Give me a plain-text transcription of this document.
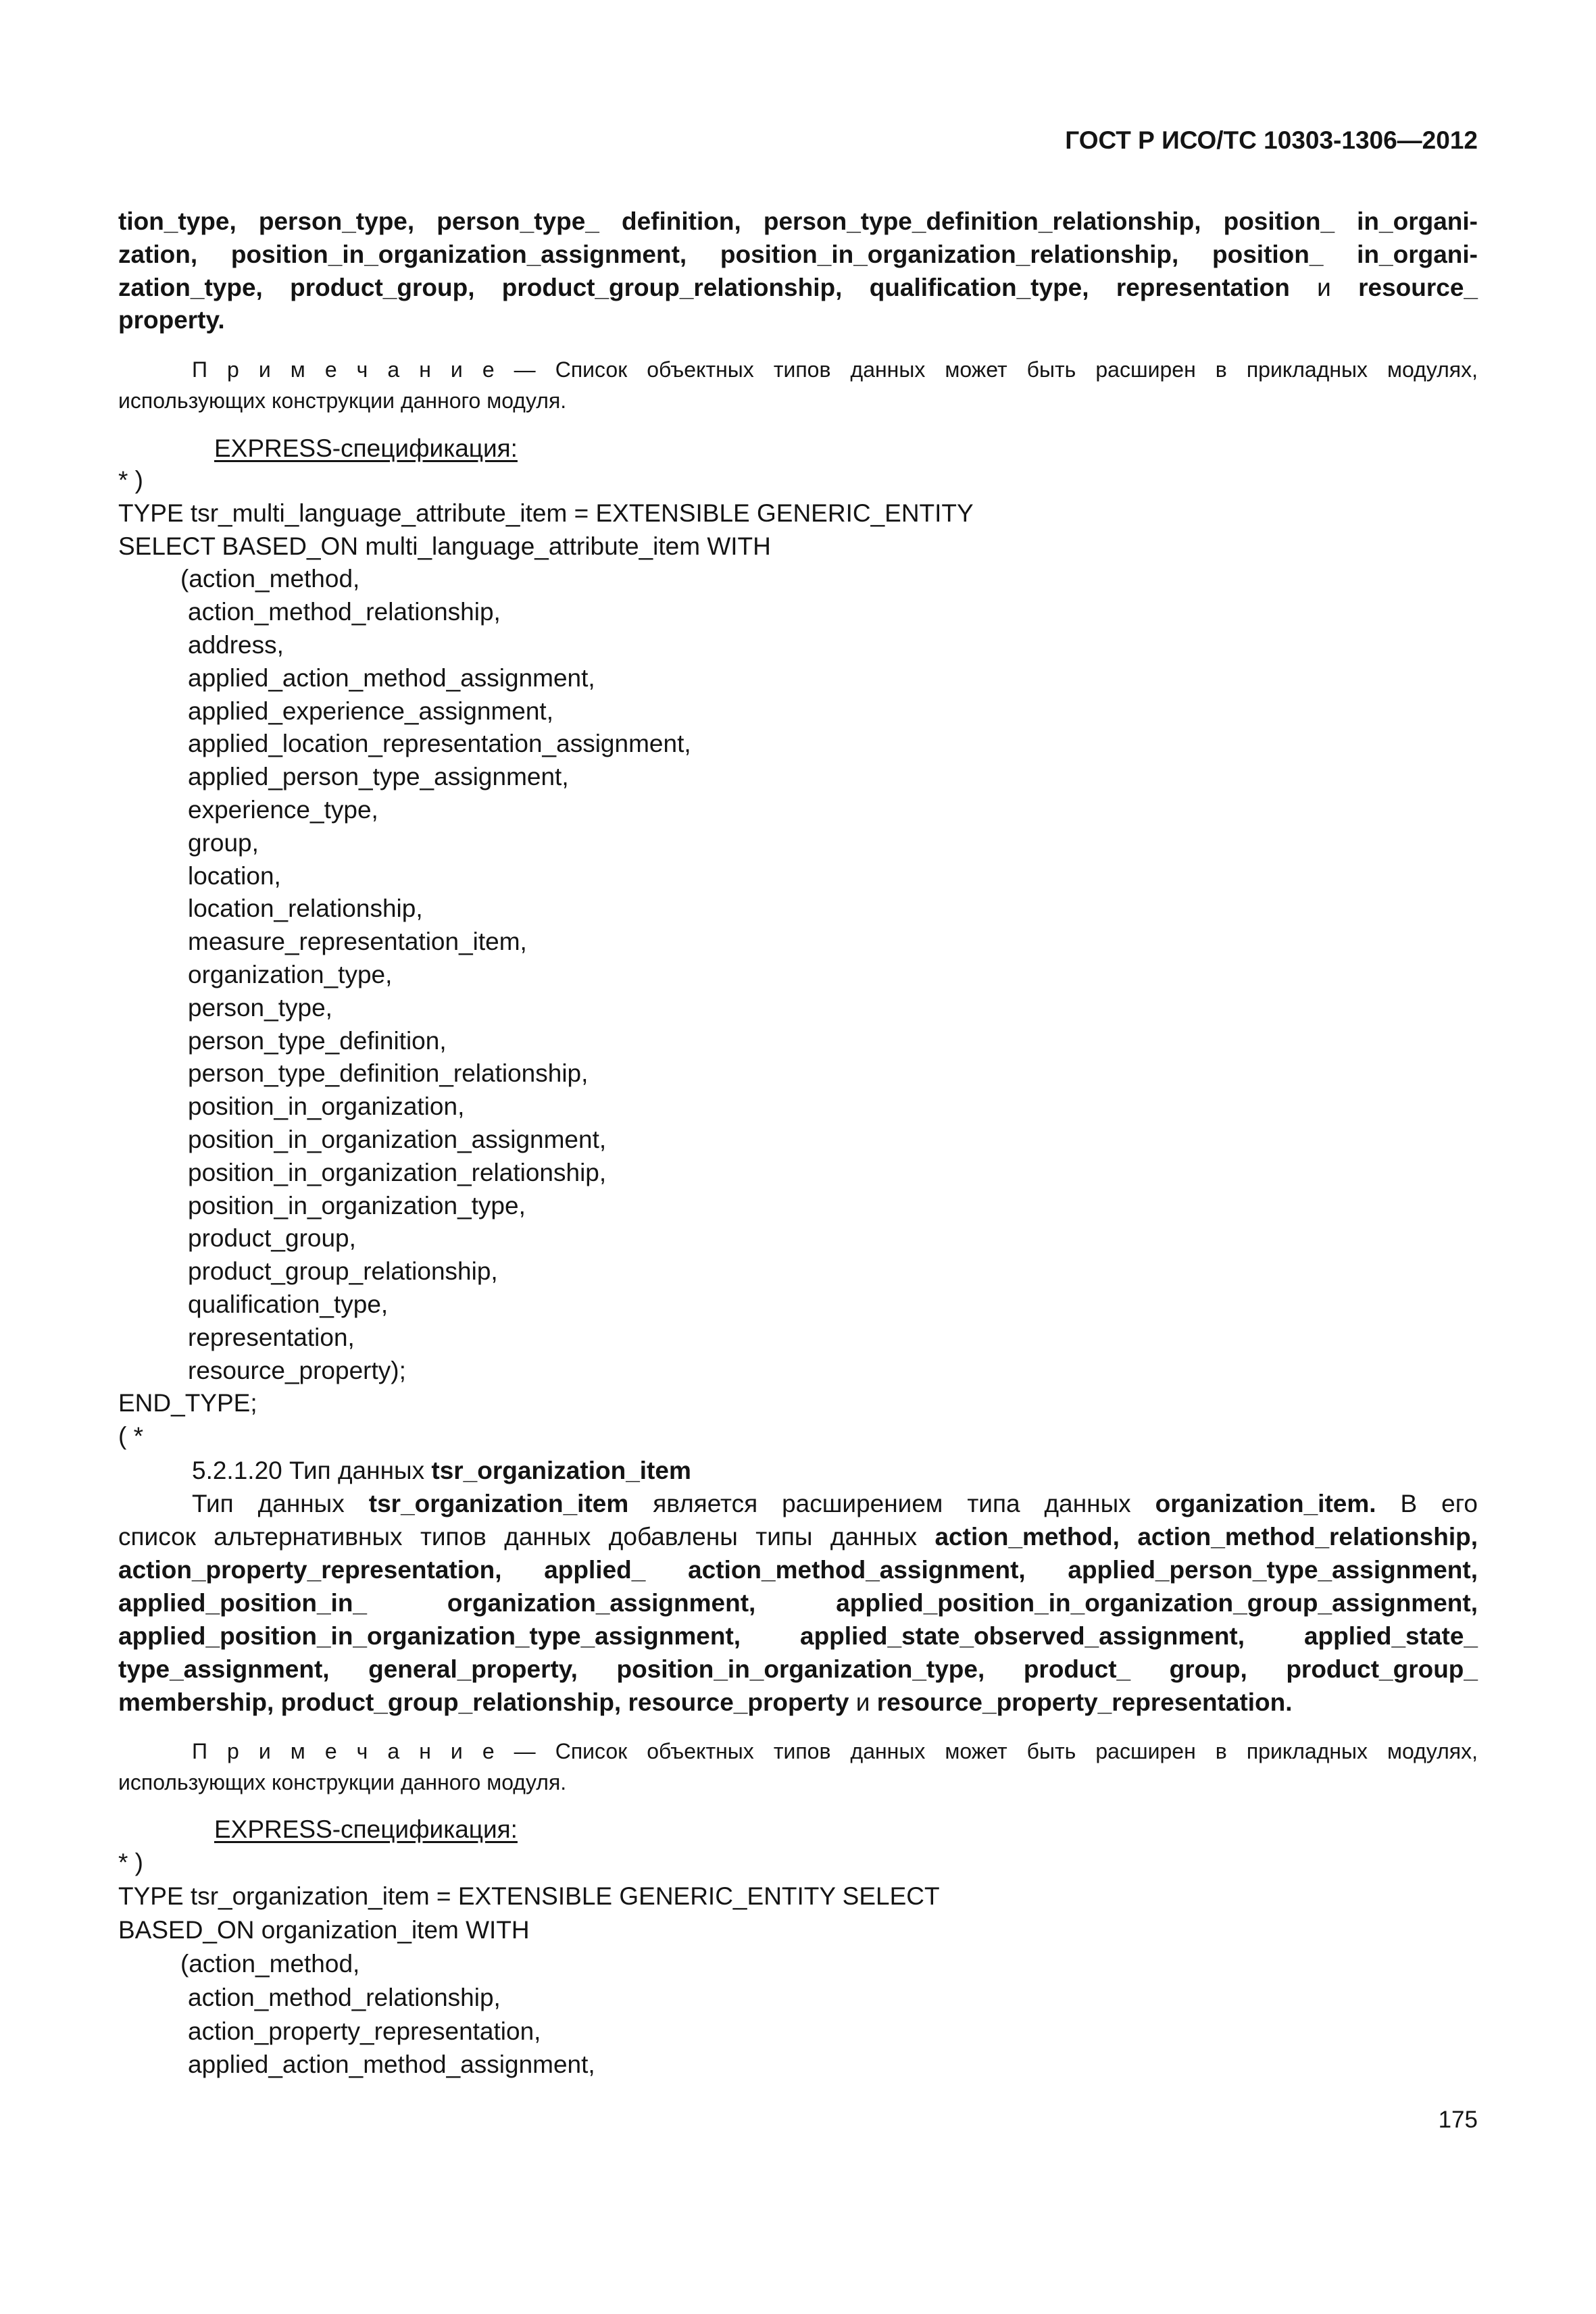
ГОСТ Р ИСО/ТС 10303-1306—2012
tion_type, person_type, person_type_ definition, person_type_definition_relationship, position_ in_organi-
zation, position_in_organization_assignment, position_in_organization_relationship, position_ in_organi-
zation_type, product_group, product_group_relationship, qualification_type, representation и resource_
property.
П р и м е ч а н и е — Список объектных типов данных может быть расширен в прикладных модулях,
использующих конструкции данного модуля.
EXPRESS-спецификация:
* )
TYPE tsr_multi_language_attribute_item = EXTENSIBLE GENERIC_ENTITY
SELECT BASED_ON multi_language_attribute_item WITH
(action_method,
action_method_relationship,
address,
applied_action_method_assignment,
applied_experience_assignment,
applied_location_representation_assignment,
applied_person_type_assignment,
experience_type,
group,
location,
location_relationship,
measure_representation_item,
organization_type,
person_type,
person_type_definition,
person_type_definition_relationship,
position_in_organization,
position_in_organization_assignment,
position_in_organization_relationship,
position_in_organization_type,
product_group,
product_group_relationship,
qualification_type,
representation,
resource_property);
END_TYPE;
( *
5.2.1.20 Тип данных tsr_organization_item
Тип данных tsr_organization_item является расширением типа данных organization_item. В его
список альтернативных типов данных добавлены типы данных action_method, action_method_relationship,
action_property_representation, applied_ action_method_assignment, applied_person_type_assignment,
applied_position_in_ organization_assignment, applied_position_in_organization_group_assignment,
applied_position_in_organization_type_assignment, applied_state_observed_assignment, applied_state_
type_assignment, general_property, position_in_organization_type, product_ group, product_group_
membership, product_group_relationship, resource_property и resource_property_representation.
П р и м е ч а н и е — Список объектных типов данных может быть расширен в прикладных модулях,
использующих конструкции данного модуля.
EXPRESS-спецификация:
* )
TYPE tsr_organization_item = EXTENSIBLE GENERIC_ENTITY SELECT
BASED_ON organization_item WITH
(action_method,
action_method_relationship,
action_property_representation,
applied_action_method_assignment,
175
